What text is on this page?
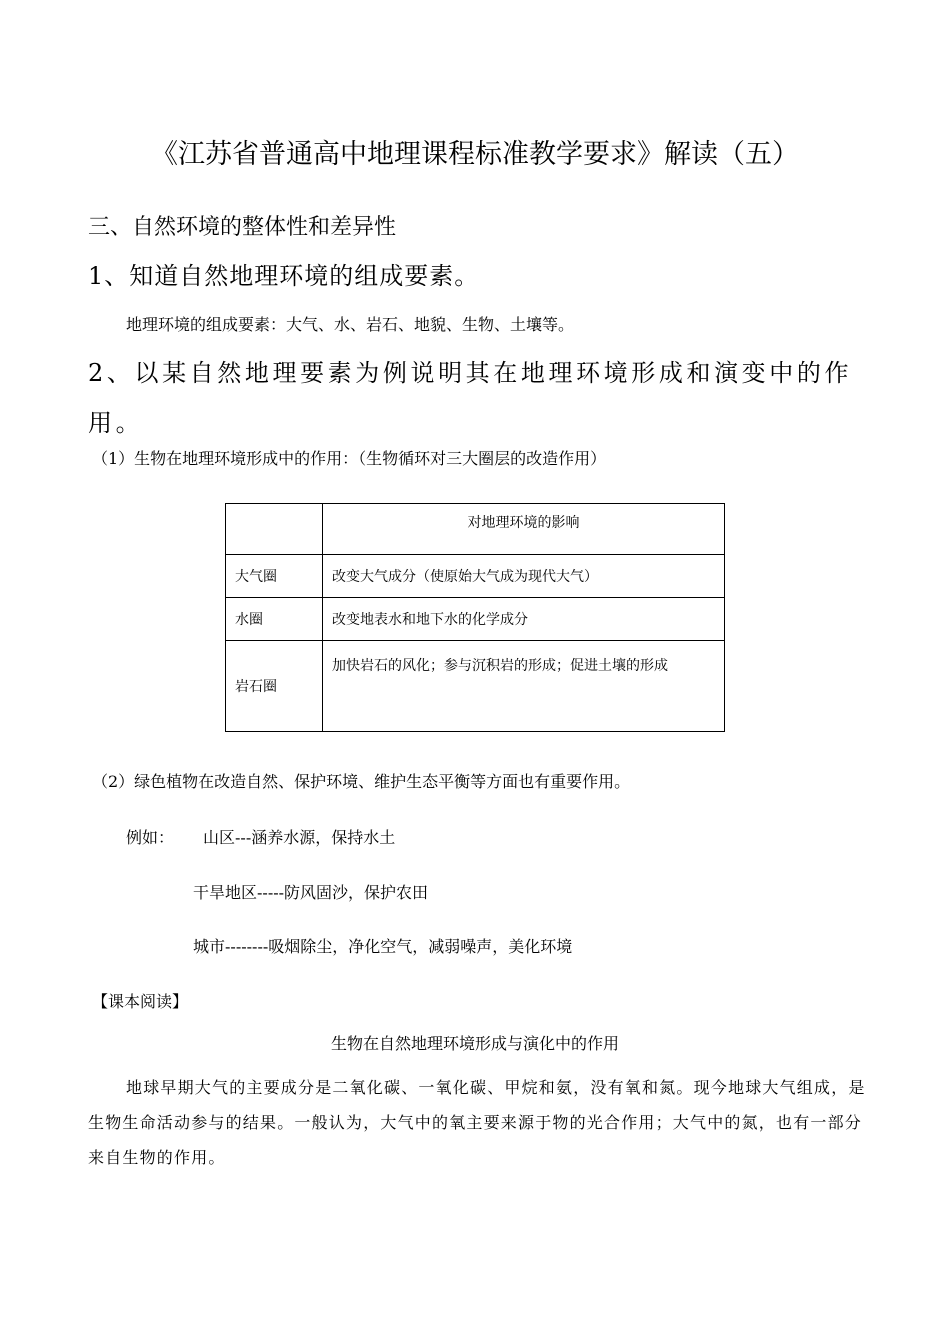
《江苏省普通高中地理课程标准教学要求》解读（五）
三、自然环境的整体性和差异性
1、知道自然地理环境的组成要素。
地理环境的组成要素：大气、水、岩石、地貌、生物、土壤等。
2、以某自然地理要素为例说明其在地理环境形成和演变中的作用。
（1）生物在地理环境形成中的作用：（生物循环对三大圈层的改造作用）
	对地理环境的影响
大气圈	改变大气成分（使原始大气成为现代大气）
水圈	改变地表水和地下水的化学成分
岩石圈	加快岩石的风化；参与沉积岩的形成；促进土壤的形成
（2）绿色植物在改造自然、保护环境、维护生态平衡等方面也有重要作用。
例如： 山区---涵养水源，保持水土
干旱地区-----防风固沙，保护农田
城市--------吸烟除尘，净化空气，减弱噪声，美化环境
【课本阅读】
生物在自然地理环境形成与演化中的作用
地球早期大气的主要成分是二氧化碳、一氧化碳、甲烷和氨，没有氧和氮。现今地球大气组成，是生物生命活动参与的结果。一般认为，大气中的氧主要来源于物的光合作用；大气中的氮，也有一部分来自生物的作用。
